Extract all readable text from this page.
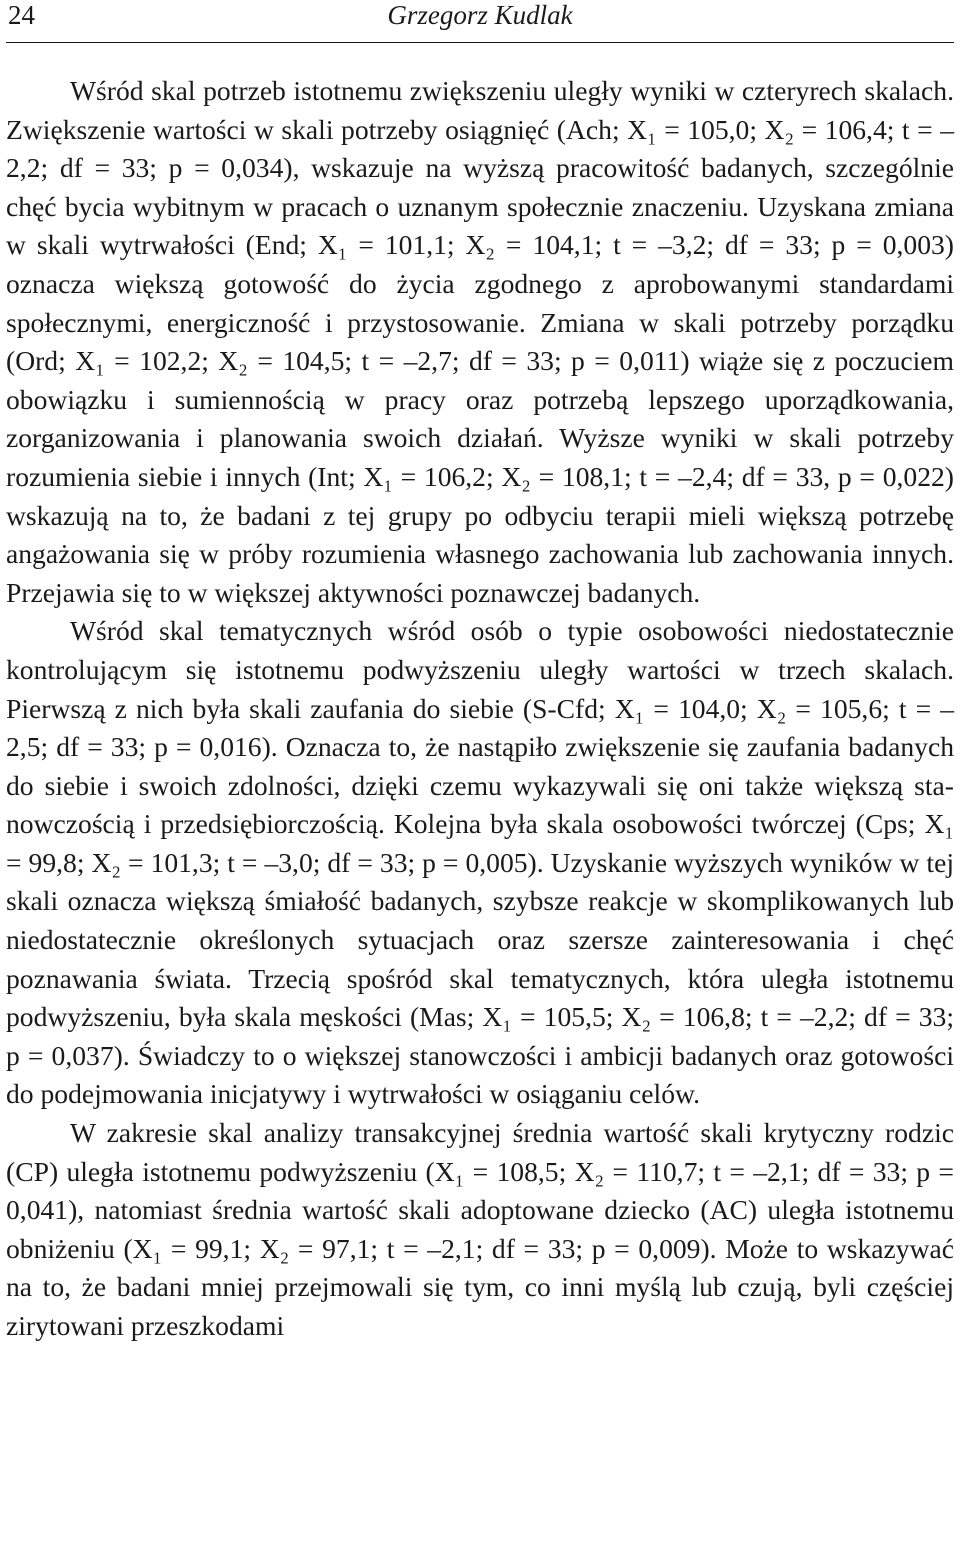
24	Grzegorz Kudlak

Wśród skal potrzeb istotnemu zwiększeniu uległy wyniki w czteryrech skalach. Zwiększenie wartości w skali potrzeby osiągnięć (Ach; X₁ = 105,0; X₂ = 106,4; t = –2,2; df = 33; p = 0,034), wskazuje na wyższą pracowitość badanych, szczególnie chęć bycia wybitnym w pracach o uznanym społecznie znaczeniu. Uzyskana zmiana w skali wytrwałości (End; X₁ = 101,1; X₂ = 104,1; t = –3,2; df = 33; p = 0,003) oznacza większą gotowość do życia zgodnego z aprobowanymi standardami społecznymi, energiczność i przystosowanie. Zmiana w skali potrzeby porządku (Ord; X₁ = 102,2; X₂ = 104,5; t = –2,7; df = 33; p = 0,011) wiąże się z poczuciem obowiązku i sumiennością w pracy oraz potrzebą lepszego uporządkowania, zorganizowania i planowania swoich działań. Wyższe wyniki w skali potrzeby rozumienia siebie i innych (Int; X₁ = 106,2; X₂ = 108,1; t = –2,4; df = 33, p = 0,022) wskazują na to, że badani z tej grupy po odbyciu terapii mieli większą potrzebę angażowania się w próby rozumienia własnego zachowania lub zachowania innych. Przejawia się to w większej aktywności poznawczej badanych.

Wśród skal tematycznych wśród osób o typie osobowości niedostatecznie kontrolującym się istotnemu podwyższeniu uległy wartości w trzech skalach. Pierwszą z nich była skali zaufania do siebie (S-Cfd; X₁ = 104,0; X₂ = 105,6; t = –2,5; df = 33; p = 0,016). Oznacza to, że nastąpiło zwiększenie się zaufania badanych do siebie i swoich zdolności, dzięki czemu wykazywali się oni także większą stanowczością i przedsiębiorczością. Kolejna była skala osobowości twórczej (Cps; X₁ = 99,8; X₂ = 101,3; t = –3,0; df = 33; p = 0,005). Uzyskanie wyższych wyników w tej skali oznacza większą śmiałość badanych, szybsze reakcje w skomplikowanych lub niedostatecznie określonych sytuacjach oraz szersze zainteresowania i chęć poznawania świata. Trzecią spośród skal tematycznych, która uległa istotnemu podwyższeniu, była skala męskości (Mas; X₁ = 105,5; X₂ = 106,8; t = –2,2; df = 33; p = 0,037). Świadczy to o większej stanowczości i ambicji badanych oraz gotowości do podejmowania inicjatywy i wytrwałości w osiąganiu celów.

W zakresie skal analizy transakcyjnej średnia wartość skali krytyczny rodzic (CP) uległa istotnemu podwyższeniu (X₁ = 108,5; X₂ = 110,7; t = –2,1; df = 33; p = 0,041), natomiast średnia wartość skali adoptowane dziecko (AC) uległa istotnemu obniżeniu (X₁ = 99,1; X₂ = 97,1; t = –2,1; df = 33; p = 0,009). Może to wskazywać na to, że badani mniej przejmowali się tym, co inni myślą lub czują, byli częściej zirytowani przeszkodami
